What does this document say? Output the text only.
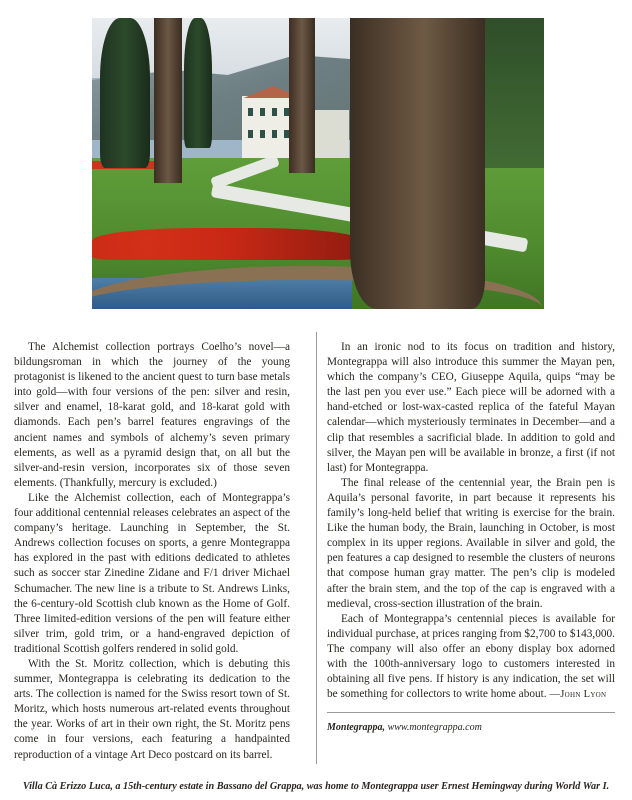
The Alchemist collection portrays Coelho’s novel—a bildungsroman in which the journey of the young protagonist is likened to the ancient quest to turn base metals into gold—with four versions of the pen: silver and resin, silver and enamel, 18-karat gold, and 18-karat gold with diamonds. Each pen’s barrel features engravings of the ancient names and symbols of alchemy’s seven primary elements, as well as a pyramid design that, on all but the silver-and-resin version, incorporates six of those seven elements. (Thankfully, mercury is excluded.)

Like the Alchemist collection, each of Montegrappa’s four additional centennial releases celebrates an aspect of the company’s heritage. Launching in September, the St. Andrews collection focuses on sports, a genre Montegrappa has explored in the past with editions dedicated to athletes such as soccer star Zinedine Zidane and F/1 driver Michael Schumacher. The new line is a tribute to St. Andrews Links, the 6-century-old Scottish club known as the Home of Golf. Three limited-edition versions of the pen will feature either silver trim, gold trim, or a hand-engraved depiction of traditional Scottish golfers rendered in solid gold.

With the St. Moritz collection, which is debuting this summer, Montegrappa is celebrating its dedication to the arts. The collection is named for the Swiss resort town of St. Moritz, which hosts numerous art-related events throughout the year. Works of art in their own right, the St. Moritz pens come in four versions, each featuring a handpainted reproduction of a vintage Art Deco postcard on its barrel.

In an ironic nod to its focus on tradition and history, Montegrappa will also introduce this summer the Mayan pen, which the company’s CEO, Giuseppe Aquila, quips “may be the last pen you ever use.” Each piece will be adorned with a hand-etched or lost-wax-casted replica of the fateful Mayan calendar—which mysteriously terminates in December—and a clip that resembles a sacrificial blade. In addition to gold and silver, the Mayan pen will be available in bronze, a first (if not last) for Montegrappa.

The final release of the centennial year, the Brain pen is Aquila’s personal favorite, in part because it represents his family’s long-held belief that writing is exercise for the brain. Like the human body, the Brain, launching in October, is most complex in its upper regions. Available in silver and gold, the pen features a cap designed to resemble the clusters of neurons that compose human gray matter. The pen’s clip is modeled after the brain stem, and the top of the cap is engraved with a medieval, cross-section illustration of the brain.

Each of Montegrappa’s centennial pieces is available for individual purchase, at prices ranging from $2,700 to $143,000. The company will also offer an ebony display box adorned with the 100th-anniversary logo to customers interested in obtaining all five pens. If history is any indication, the set will be something for collectors to write home about. —John Lyon

Montegrappa, www.montegrappa.com

Villa Cà Erizzo Luca, a 15th-century estate in Bassano del Grappa, was home to Montegrappa user Ernest Hemingway during World War I.
